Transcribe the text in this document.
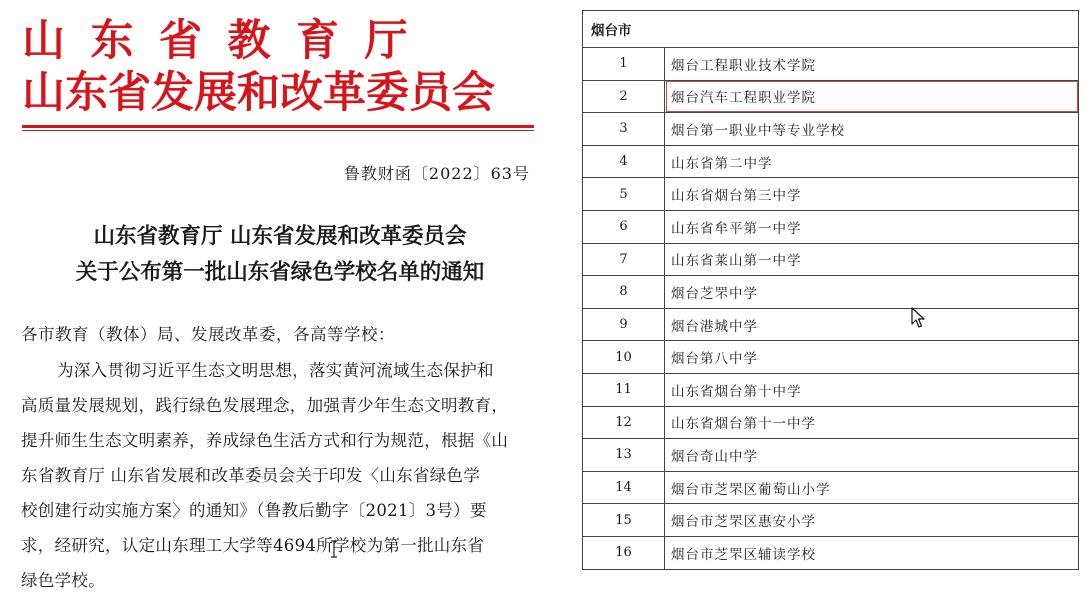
山东省教育厅
山东省发展和改革委员会
鲁教财函〔2022〕63号
山东省教育厅 山东省发展和改革委员会
关于公布第一批山东省绿色学校名单的通知
各市教育（教体）局、发展改革委，各高等学校：
为深入贯彻习近平生态文明思想，落实黄河流域生态保护和
高质量发展规划，践行绿色发展理念，加强青少年生态文明教育，
提升师生生态文明素养，养成绿色生活方式和行为规范，根据《山
东省教育厅 山东省发展和改革委员会关于印发〈山东省绿色学
校创建行动实施方案〉的通知》（鲁教后勤字〔2021〕3号）要
求，经研究，认定山东理工大学等4694所学校为第一批山东省
绿色学校。
烟台市	
1	烟台工程职业技术学院
2	烟台汽车工程职业学院
3	烟台第一职业中等专业学校
4	山东省第二中学
5	山东省烟台第三中学
6	山东省牟平第一中学
7	山东省莱山第一中学
8	烟台芝罘中学
9	烟台港城中学
10	烟台第八中学
11	山东省烟台第十中学
12	山东省烟台第十一中学
13	烟台奇山中学
14	烟台市芝罘区葡萄山小学
15	烟台市芝罘区惠安小学
16	烟台市芝罘区辅读学校
